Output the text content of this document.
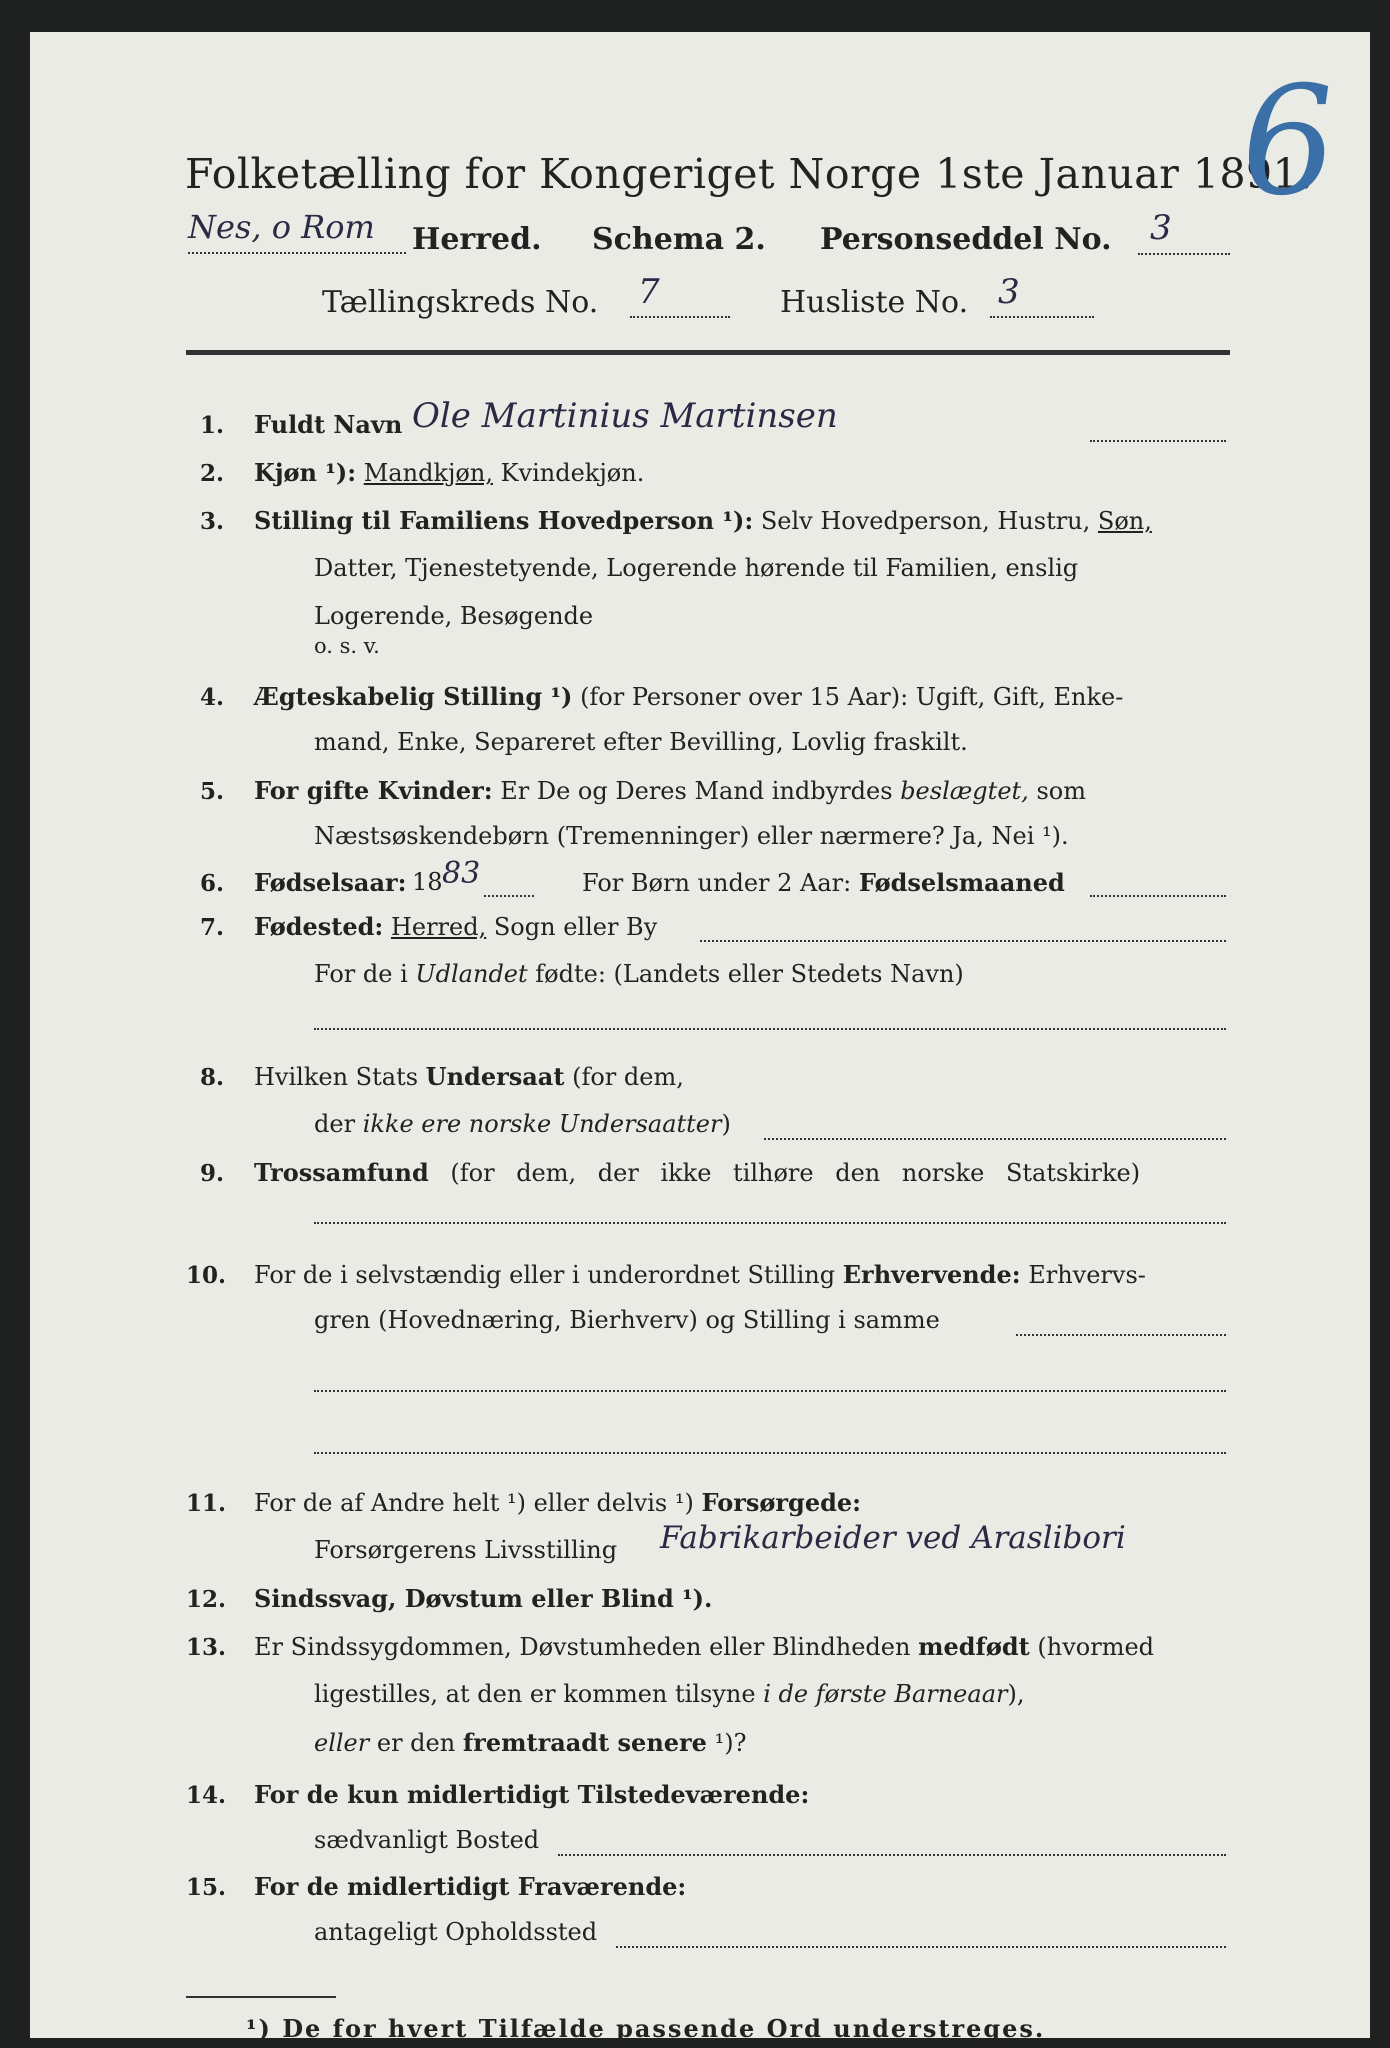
Folketælling for Kongeriget Norge 1ste Januar 1891.
6
Nes, o Rom Herred. Schema 2. Personseddel No. 3
Tællingskreds No. 7	Husliste No. 3
1. Fuldt Navn Ole Martinius Martinsen
2. Kjøn ¹): Mandkjøn, Kvindekjøn.
3. Stilling til Familiens Hovedperson ¹): Selv Hovedperson, Hustru, Søn,
Datter, Tjenestetyende, Logerende hørende til Familien, enslig
Logerende, Besøgende
o. s. v.
4. Ægteskabelig Stilling ¹) (for Personer over 15 Aar): Ugift, Gift, Enke-
mand, Enke, Separeret efter Bevilling, Lovlig fraskilt.
5. For gifte Kvinder: Er De og Deres Mand indbyrdes beslægtet, som
Næstsøskendebørn (Tremenninger) eller nærmere? Ja, Nei ¹).
6. Fødselsaar: 18 83	For Børn under 2 Aar: Fødselsmaaned
7. Fødested: Herred, Sogn eller By
For de i Udlandet fødte: (Landets eller Stedets Navn)
8. Hvilken Stats Undersaat (for dem,
der ikke ere norske Undersaatter)
9. Trossamfund (for dem, der ikke tilhøre den norske Statskirke)
10. For de i selvstændig eller i underordnet Stilling Erhvervende: Erhvervs-
gren (Hovednæring, Bierhverv) og Stilling i samme
11. For de af Andre helt ¹) eller delvis ¹) Forsørgede:
Forsørgerens Livsstilling Fabrikarbeider ved Araslibori
12. Sindssvag, Døvstum eller Blind ¹).
13. Er Sindssygdommen, Døvstumheden eller Blindheden medfødt (hvormed
ligestilles, at den er kommen tilsyne i de første Barneaar),
eller er den fremtraadt senere ¹)?
14. For de kun midlertidigt Tilstedeværende:
sædvanligt Bosted
15. For de midlertidigt Fraværende:
antageligt Opholdssted
¹) De for hvert Tilfælde passende Ord understreges.
